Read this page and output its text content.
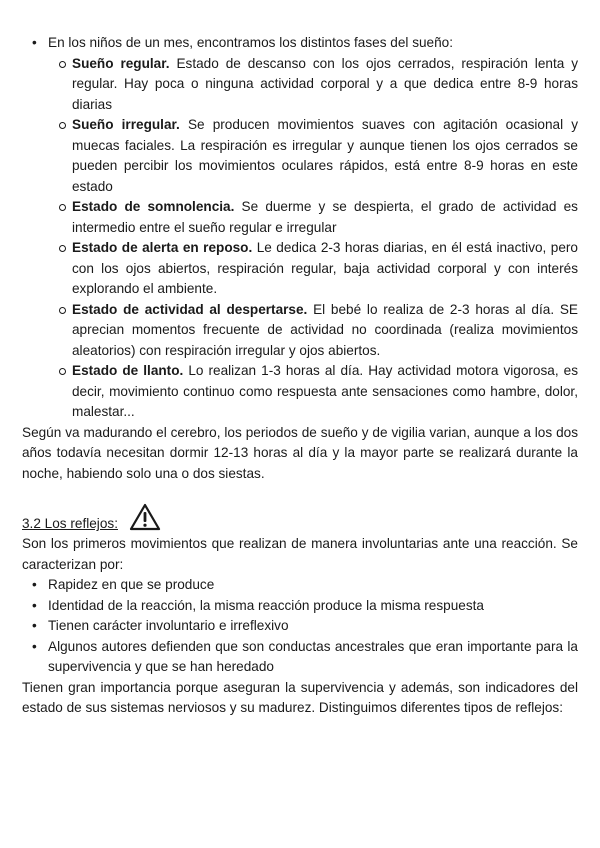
• En los niños de un mes, encontramos los distintos fases del sueño:
Sueño regular. Estado de descanso con los ojos cerrados, respiración lenta y regular. Hay poca o ninguna actividad corporal y a que dedica entre 8-9 horas diarias
Sueño irregular. Se producen movimientos suaves con agitación ocasional y muecas faciales. La respiración es irregular y aunque tienen los ojos cerrados se pueden percibir los movimientos oculares rápidos, está entre 8-9 horas en este estado
Estado de somnolencia. Se duerme y se despierta, el grado de actividad es intermedio entre el sueño regular e irregular
Estado de alerta en reposo. Le dedica 2-3 horas diarias, en él está inactivo, pero con los ojos abiertos, respiración regular, baja actividad corporal y con interés explorando el ambiente.
Estado de actividad al despertarse. El bebé lo realiza de 2-3 horas al día. SE aprecian momentos frecuente de actividad no coordinada (realiza movimientos aleatorios) con respiración irregular y ojos abiertos.
Estado de llanto. Lo realizan 1-3 horas al día. Hay actividad motora vigorosa, es decir, movimiento continuo como respuesta ante sensaciones como hambre, dolor, malestar...

Según va madurando el cerebro, los periodos de sueño y de vigilia varian, aunque a los dos años todavía necesitan dormir 12-13 horas al día y la mayor parte se realizará durante la noche, habiendo solo una o dos siestas.

3.2 Los reflejos:

Son los primeros movimientos que realizan de manera involuntarias ante una reacción. Se caracterizan por:

• Rapidez en que se produce
• Identidad de la reacción, la misma reacción produce la misma respuesta
• Tienen carácter involuntario e irreflexivo
• Algunos autores defienden que son conductas ancestrales que eran importante para la supervivencia y que se han heredado

Tienen gran importancia porque aseguran la supervivencia y además, son indicadores del estado de sus sistemas nerviosos y su madurez. Distinguimos diferentes tipos de reflejos:
